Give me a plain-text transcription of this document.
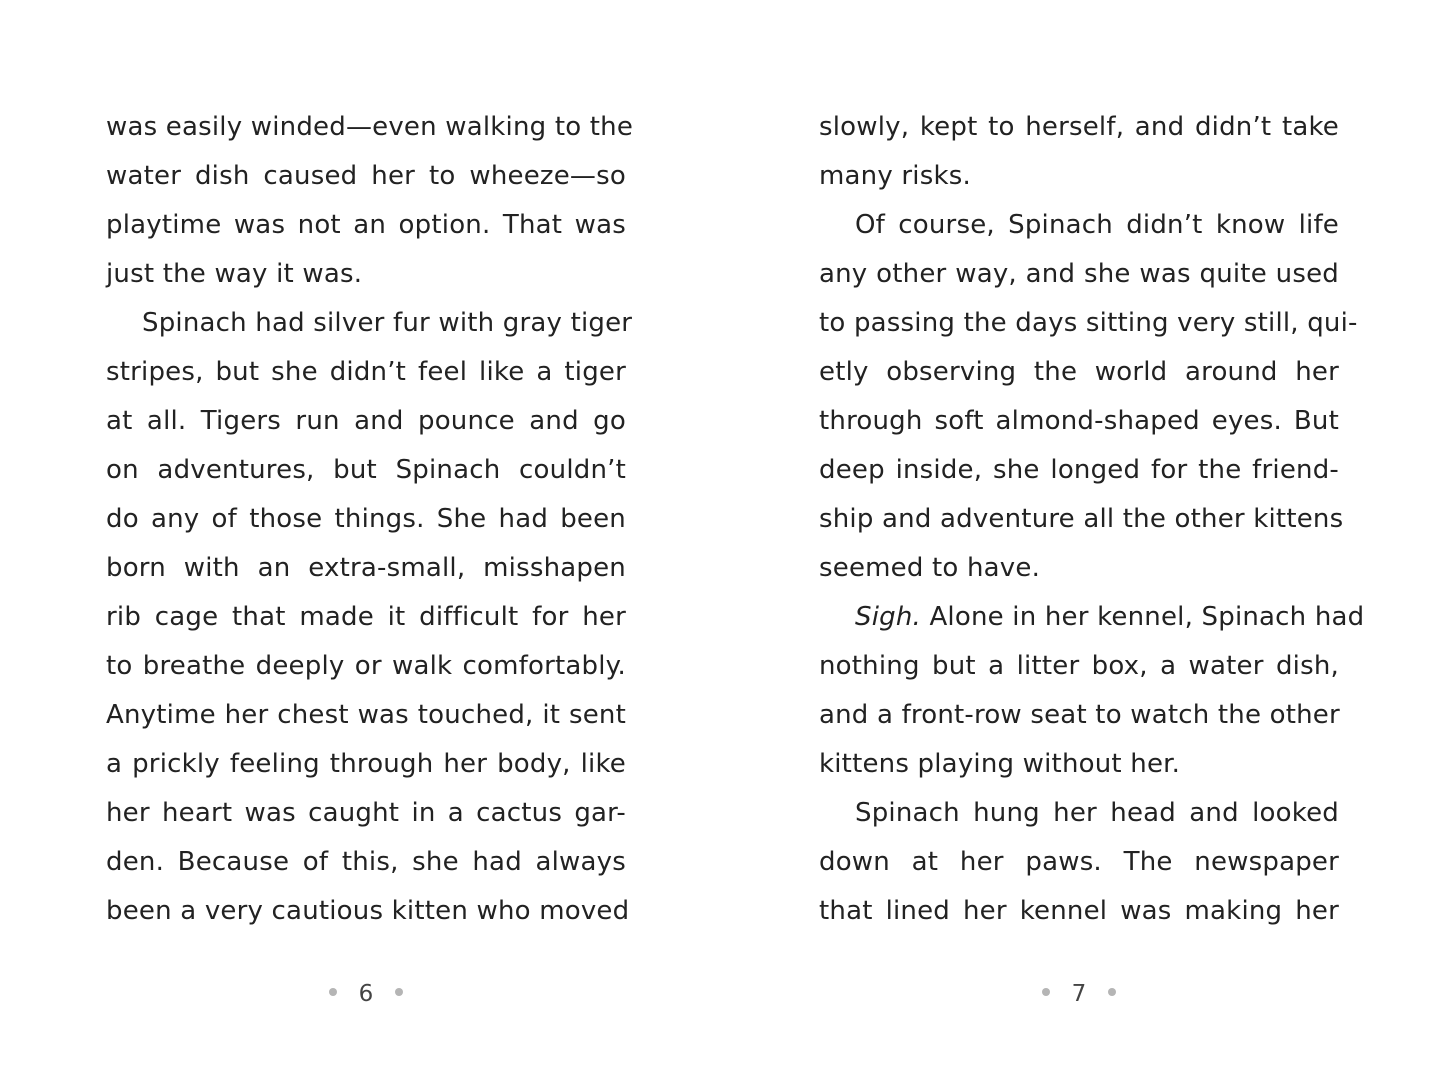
was easily winded—even walking to the
water dish caused her to wheeze—so
playtime was not an option. That was
just the way it was.
Spinach had silver fur with gray tiger
stripes, but she didn’t feel like a tiger
at all. Tigers run and pounce and go
on adventures, but Spinach couldn’t
do any of those things. She had been
born with an extra-small, misshapen
rib cage that made it difficult for her
to breathe deeply or walk comfortably.
Anytime her chest was touched, it sent
a prickly feeling through her body, like
her heart was caught in a cactus gar-
den. Because of this, she had always
been a very cautious kitten who moved
6
slowly, kept to herself, and didn’t take
many risks.
Of course, Spinach didn’t know life
any other way, and she was quite used
to passing the days sitting very still, qui-
etly observing the world around her
through soft almond-shaped eyes. But
deep inside, she longed for the friend-
ship and adventure all the other kittens
seemed to have.
Sigh. Alone in her kennel, Spinach had
nothing but a litter box, a water dish,
and a front-row seat to watch the other
kittens playing without her.
Spinach hung her head and looked
down at her paws. The newspaper
that lined her kennel was making her
7
